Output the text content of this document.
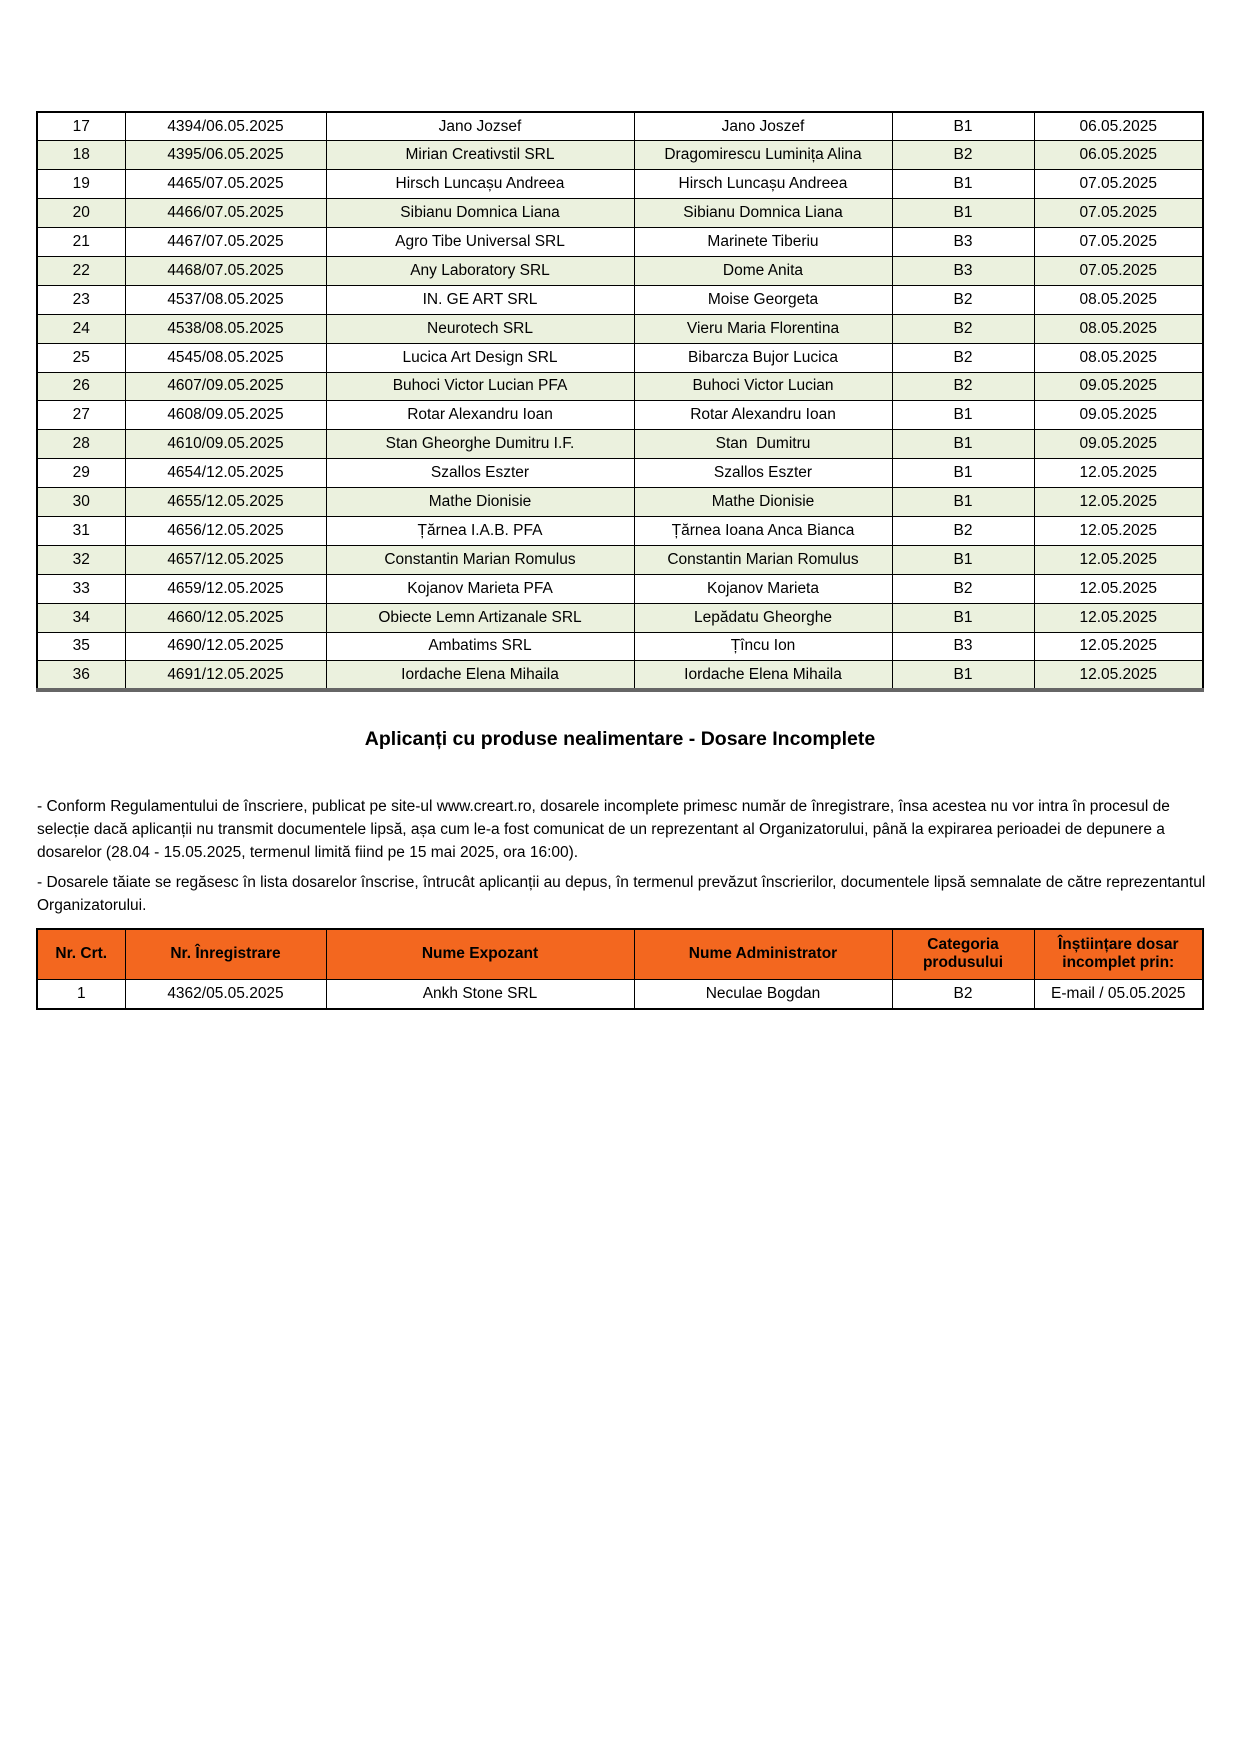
17	4394/06.05.2025	Jano Jozsef	Jano Joszef	B1	06.05.2025
18	4395/06.05.2025	Mirian Creativstil SRL	Dragomirescu Luminița Alina	B2	06.05.2025
19	4465/07.05.2025	Hirsch Luncașu Andreea	Hirsch Luncașu Andreea	B1	07.05.2025
20	4466/07.05.2025	Sibianu Domnica Liana	Sibianu Domnica Liana	B1	07.05.2025
21	4467/07.05.2025	Agro Tibe Universal SRL	Marinete Tiberiu	B3	07.05.2025
22	4468/07.05.2025	Any Laboratory SRL	Dome Anita	B3	07.05.2025
23	4537/08.05.2025	IN. GE ART SRL	Moise Georgeta	B2	08.05.2025
24	4538/08.05.2025	Neurotech SRL	Vieru Maria Florentina	B2	08.05.2025
25	4545/08.05.2025	Lucica Art Design SRL	Bibarcza Bujor Lucica	B2	08.05.2025
26	4607/09.05.2025	Buhoci Victor Lucian PFA	Buhoci Victor Lucian	B2	09.05.2025
27	4608/09.05.2025	Rotar Alexandru Ioan	Rotar Alexandru Ioan	B1	09.05.2025
28	4610/09.05.2025	Stan Gheorghe Dumitru I.F.	Stan  Dumitru	B1	09.05.2025
29	4654/12.05.2025	Szallos Eszter	Szallos Eszter	B1	12.05.2025
30	4655/12.05.2025	Mathe Dionisie	Mathe Dionisie	B1	12.05.2025
31	4656/12.05.2025	Țărnea I.A.B. PFA	Țărnea Ioana Anca Bianca	B2	12.05.2025
32	4657/12.05.2025	Constantin Marian Romulus	Constantin Marian Romulus	B1	12.05.2025
33	4659/12.05.2025	Kojanov Marieta PFA	Kojanov Marieta	B2	12.05.2025
34	4660/12.05.2025	Obiecte Lemn Artizanale SRL	Lepădatu Gheorghe	B1	12.05.2025
35	4690/12.05.2025	Ambatims SRL	Țîncu Ion	B3	12.05.2025
36	4691/12.05.2025	Iordache Elena Mihaila	Iordache Elena Mihaila	B1	12.05.2025
Aplicanți cu produse nealimentare - Dosare Incomplete
- Conform Regulamentului de înscriere, publicat pe site-ul www.creart.ro, dosarele incomplete primesc număr de înregistrare, însa acestea nu vor intra în procesul de selecție dacă aplicanții nu transmit documentele lipsă, așa cum le-a fost comunicat de un reprezentant al Organizatorului, până la expirarea perioadei de depunere a dosarelor (28.04 - 15.05.2025, termenul limită fiind pe 15 mai 2025, ora 16:00).
- Dosarele tăiate se regăsesc în lista dosarelor înscrise, întrucât aplicanții au depus, în termenul prevăzut înscrierilor, documentele lipsă semnalate de către reprezentantul Organizatorului.
Nr. Crt.	Nr. Înregistrare	Nume Expozant	Nume Administrator	Categoria produsului	Înștiințare dosar incomplet prin:
1	4362/05.05.2025	Ankh Stone SRL	Neculae Bogdan	B2	E-mail / 05.05.2025
